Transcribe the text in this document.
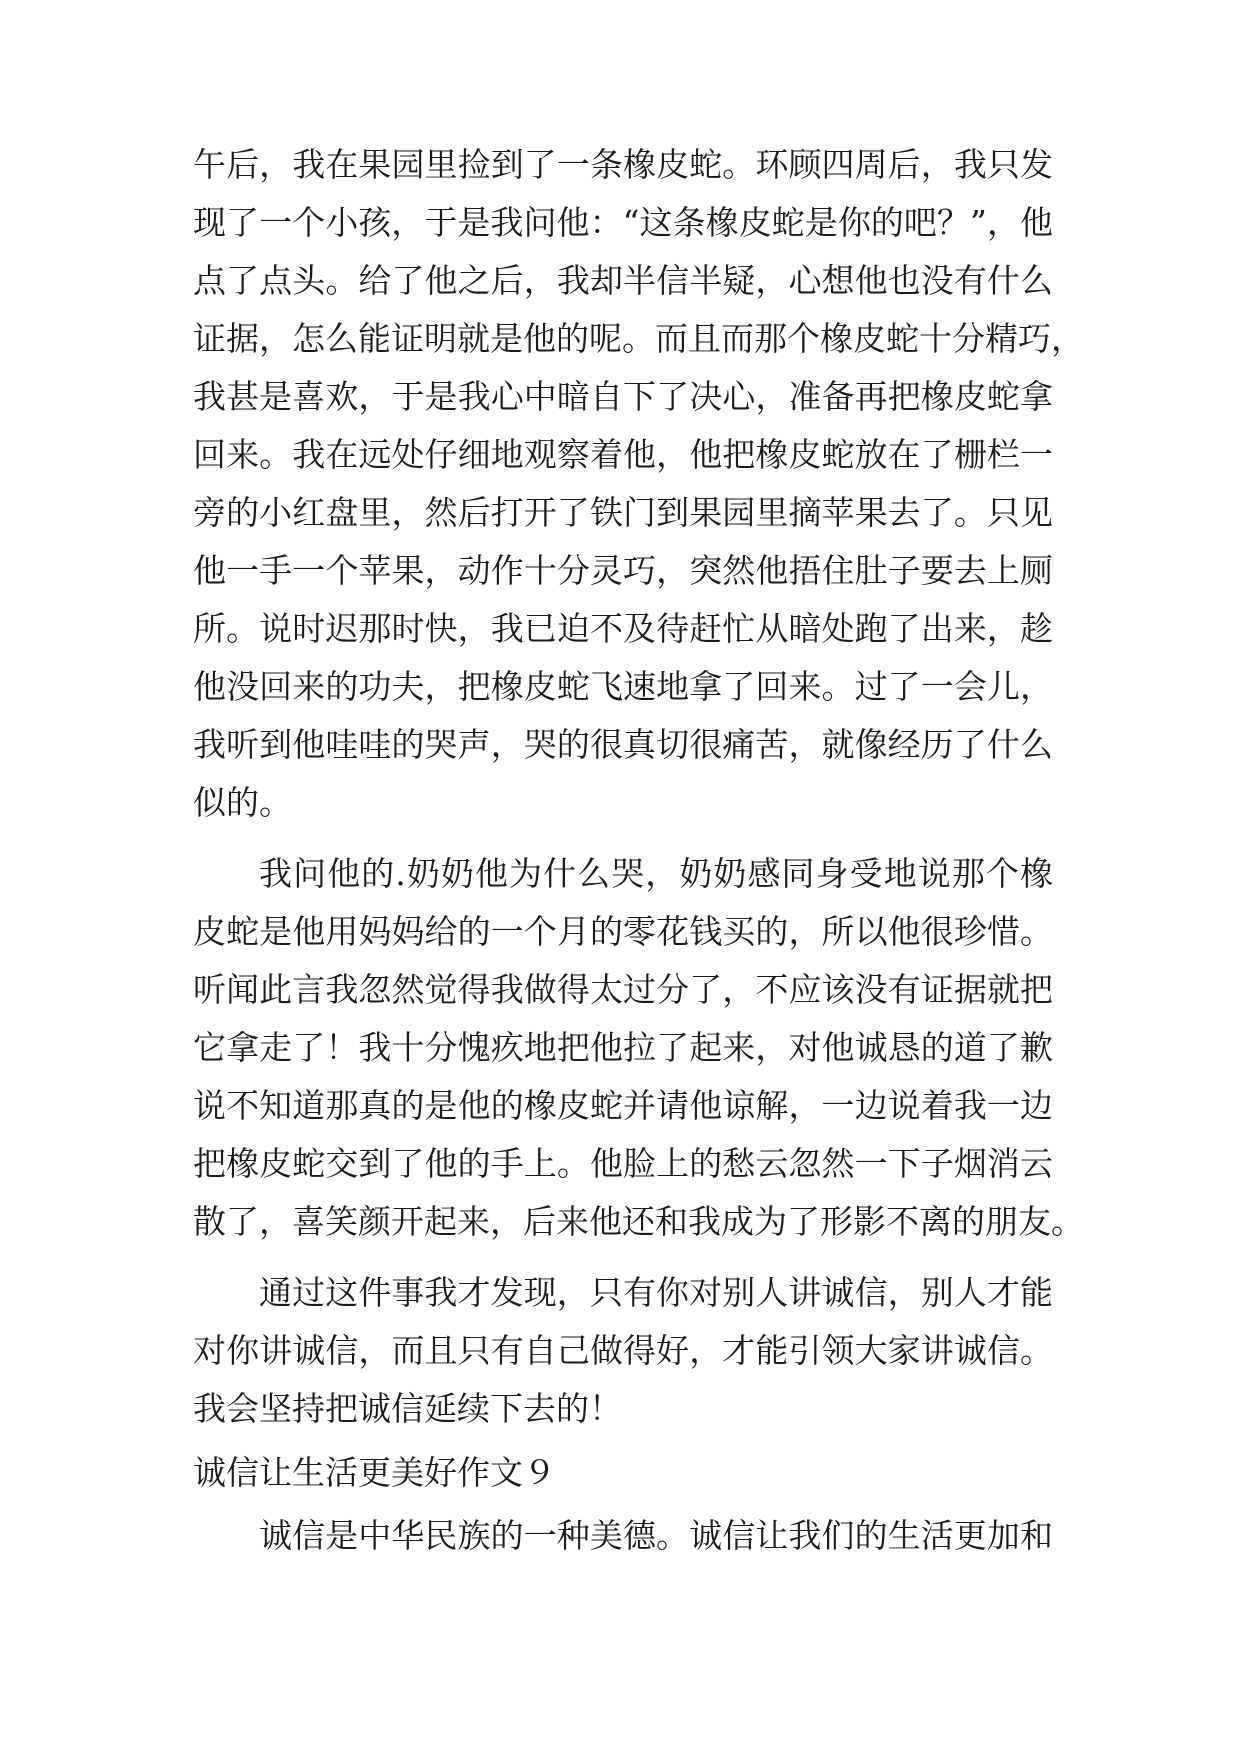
午后，我在果园里捡到了一条橡皮蛇。环顾四周后，我只发
现了一个小孩，于是我问他：“这条橡皮蛇是你的吧？”，他
点了点头。给了他之后，我却半信半疑，心想他也没有什么
证据，怎么能证明就是他的呢。而且而那个橡皮蛇十分精巧，
我甚是喜欢，于是我心中暗自下了决心，准备再把橡皮蛇拿
回来。我在远处仔细地观察着他，他把橡皮蛇放在了栅栏一
旁的小红盘里，然后打开了铁门到果园里摘苹果去了。只见
他一手一个苹果，动作十分灵巧，突然他捂住肚子要去上厕
所。说时迟那时快，我已迫不及待赶忙从暗处跑了出来，趁
他没回来的功夫，把橡皮蛇飞速地拿了回来。过了一会儿，
我听到他哇哇的哭声，哭的很真切很痛苦，就像经历了什么
似的。
我问他的.奶奶他为什么哭，奶奶感同身受地说那个橡
皮蛇是他用妈妈给的一个月的零花钱买的，所以他很珍惜。
听闻此言我忽然觉得我做得太过分了，不应该没有证据就把
它拿走了！我十分愧疚地把他拉了起来，对他诚恳的道了歉
说不知道那真的是他的橡皮蛇并请他谅解，一边说着我一边
把橡皮蛇交到了他的手上。他脸上的愁云忽然一下子烟消云
散了，喜笑颜开起来，后来他还和我成为了形影不离的朋友。
通过这件事我才发现，只有你对别人讲诚信，别人才能
对你讲诚信，而且只有自己做得好，才能引领大家讲诚信。
我会坚持把诚信延续下去的！
诚信让生活更美好作文９
诚信是中华民族的一种美德。诚信让我们的生活更加和
